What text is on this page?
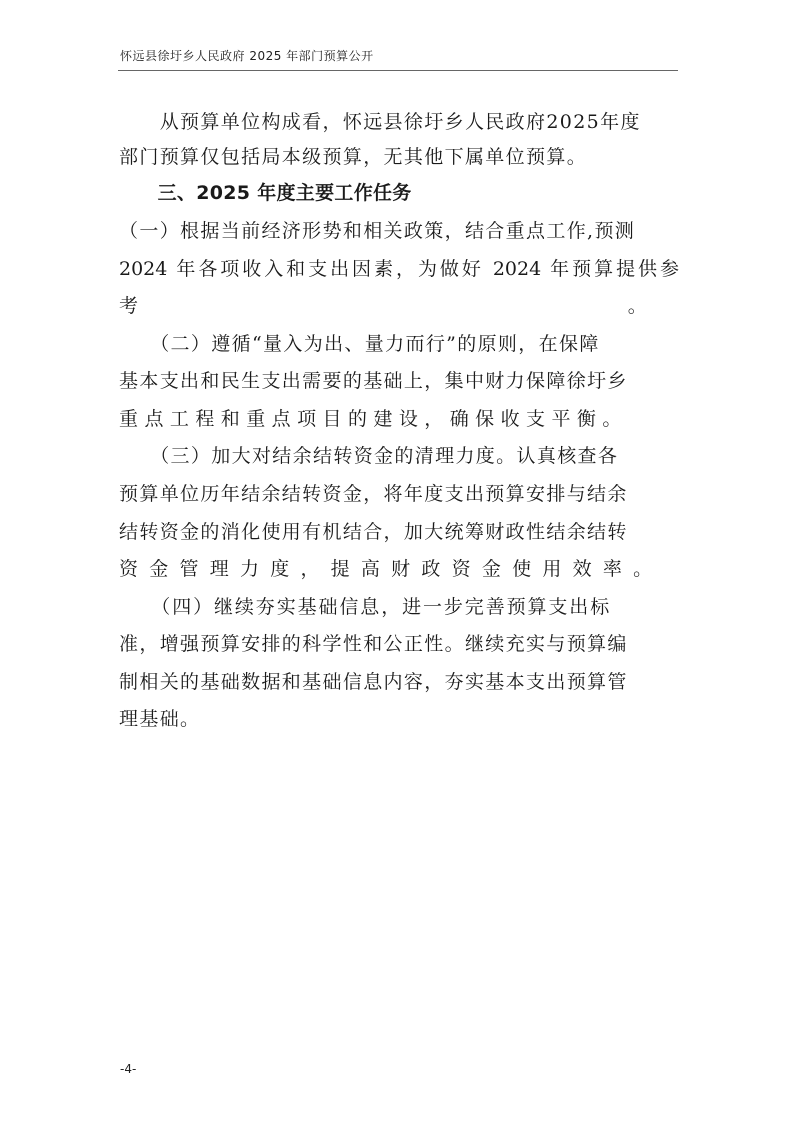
怀远县徐圩乡人民政府 2025 年部门预算公开
　　从预算单位构成看，怀远县徐圩乡人民政府2025年度
部门预算仅包括局本级预算，无其他下属单位预算。
　　三、2025 年度主要工作任务
（一）根据当前经济形势和相关政策，结合重点工作,预测
2024 年各项收入和支出因素，为做好 2024 年预算提供参
考　　　　　　　　　　　　　　　　　　　　　　　　。
　　（二）遵循“量入为出、量力而行”的原则，在保障
基本支出和民生支出需要的基础上，集中财力保障徐圩乡
重 点 工 程 和 重 点 项 目 的 建 设 ， 确 保 收 支 平 衡 。
　　（三）加大对结余结转资金的清理力度。认真核查各
预算单位历年结余结转资金，将年度支出预算安排与结余
结转资金的消化使用有机结合，加大统筹财政性结余结转
资 金 管 理 力 度 ， 提 高 财 政 资 金 使 用 效 率 。
　　（四）继续夯实基础信息，进一步完善预算支出标
准，增强预算安排的科学性和公正性。继续充实与预算编
制相关的基础数据和基础信息内容，夯实基本支出预算管
理基础。
-4-
